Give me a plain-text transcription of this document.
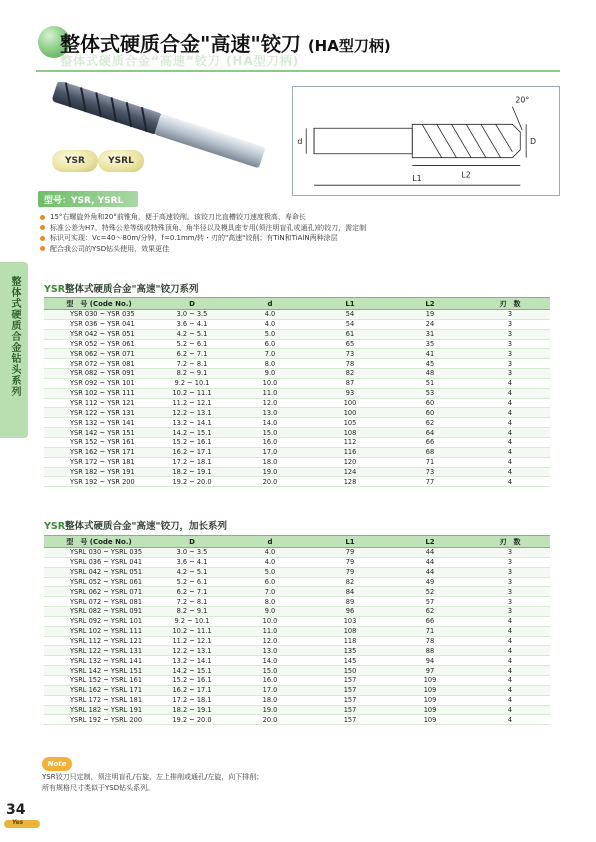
整体式硬质合金"高速"铰刀 (HA型刀柄)
整体式硬质合金“高速”铰刀 (HA型刀柄)
整体式硬质合金钻头系列
YSR	YSRL
20°
d	D
L2
L1
型号：YSR, YSRL
15°右螺旋外角和20°前锥角，便于高速铰削。该铰刀比直槽铰刀速度极高、寿命长
标准公差为H7。特殊公差等级或特殊顶角、角半径以及模具座专用(须注明盲孔或通孔)的铰刀，需定制
标识可实现：Vc=40～80m/分钟，f=0.1mm/转・刃的"高速"铰削；有TiN和TiAlN两种涂层
配合我公司的YSD钻头使用，效果更佳
YSR整体式硬质合金"高速"铰刀系列
型　号 (Code No.)	D	d	L1	L2	刃　数
YSR 030 ~ YSR 035	3.0 ~ 3.5	4.0	54	19	3
YSR 036 ~ YSR 041	3.6 ~ 4.1	4.0	54	24	3
YSR 042 ~ YSR 051	4.2 ~ 5.1	5.0	61	31	3
YSR 052 ~ YSR 061	5.2 ~ 6.1	6.0	65	35	3
YSR 062 ~ YSR 071	6.2 ~ 7.1	7.0	73	41	3
YSR 072 ~ YSR 081	7.2 ~ 8.1	8.0	78	45	3
YSR 082 ~ YSR 091	8.2 ~ 9.1	9.0	82	48	3
YSR 092 ~ YSR 101	9.2 ~ 10.1	10.0	87	51	4
YSR 102 ~ YSR 111	10.2 ~ 11.1	11.0	93	53	4
YSR 112 ~ YSR 121	11.2 ~ 12.1	12.0	100	60	4
YSR 122 ~ YSR 131	12.2 ~ 13.1	13.0	100	60	4
YSR 132 ~ YSR 141	13.2 ~ 14.1	14.0	105	62	4
YSR 142 ~ YSR 151	14.2 ~ 15.1	15.0	108	64	4
YSR 152 ~ YSR 161	15.2 ~ 16.1	16.0	112	66	4
YSR 162 ~ YSR 171	16.2 ~ 17.1	17.0	116	68	4
YSR 172 ~ YSR 181	17.2 ~ 18.1	18.0	120	71	4
YSR 182 ~ YSR 191	18.2 ~ 19.1	19.0	124	73	4
YSR 192 ~ YSR 200	19.2 ~ 20.0	20.0	128	77	4
YSR整体式硬质合金"高速"铰刀，加长系列
型　号 (Code No.)	D	d	L1	L2	刃　数
YSRL 030 ~ YSRL 035	3.0 ~ 3.5	4.0	79	44	3
YSRL 036 ~ YSRL 041	3.6 ~ 4.1	4.0	79	44	3
YSRL 042 ~ YSRL 051	4.2 ~ 5.1	5.0	79	44	3
YSRL 052 ~ YSRL 061	5.2 ~ 6.1	6.0	82	49	3
YSRL 062 ~ YSRL 071	6.2 ~ 7.1	7.0	84	52	3
YSRL 072 ~ YSRL 081	7.2 ~ 8.1	8.0	89	57	3
YSRL 082 ~ YSRL 091	8.2 ~ 9.1	9.0	96	62	3
YSRL 092 ~ YSRL 101	9.2 ~ 10.1	10.0	103	66	4
YSRL 102 ~ YSRL 111	10.2 ~ 11.1	11.0	108	71	4
YSRL 112 ~ YSRL 121	11.2 ~ 12.1	12.0	118	78	4
YSRL 122 ~ YSRL 131	12.2 ~ 13.1	13.0	135	88	4
YSRL 132 ~ YSRL 141	13.2 ~ 14.1	14.0	145	94	4
YSRL 142 ~ YSRL 151	14.2 ~ 15.1	15.0	150	97	4
YSRL 152 ~ YSRL 161	15.2 ~ 16.1	16.0	157	109	4
YSRL 162 ~ YSRL 171	16.2 ~ 17.1	17.0	157	109	4
YSRL 172 ~ YSRL 181	17.2 ~ 18.1	18.0	157	109	4
YSRL 182 ~ YSRL 191	18.2 ~ 19.1	19.0	157	109	4
YSRL 192 ~ YSRL 200	19.2 ~ 20.0	20.0	157	109	4
Note
YSR铰刀只定制，须注明盲孔/右旋，左上排削或通孔/左旋，向下排削；
所有规格尺寸类似于YSD钻头系列。
34
Yes
